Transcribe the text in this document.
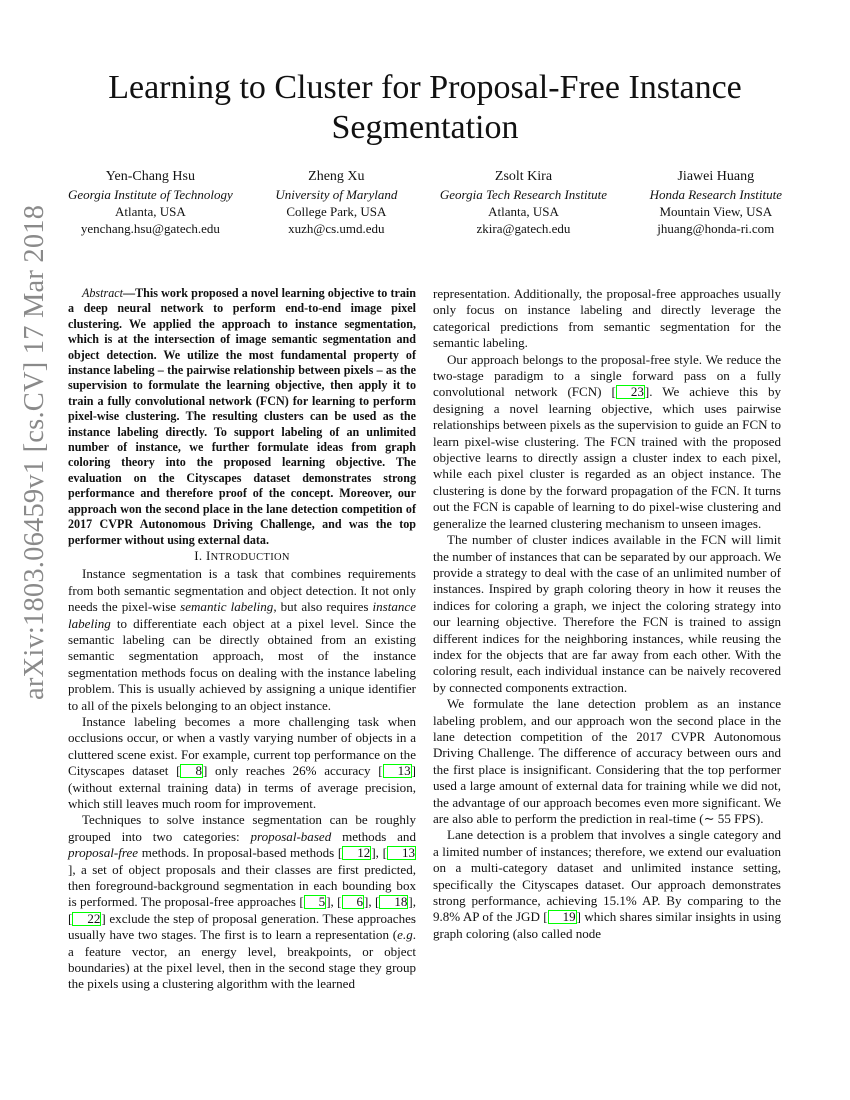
arXiv:1803.06459v1 [cs.CV] 17 Mar 2018
Learning to Cluster for Proposal-Free Instance Segmentation
Yen-Chang Hsu
Georgia Institute of Technology
Atlanta, USA
yenchang.hsu@gatech.edu
Zheng Xu
University of Maryland
College Park, USA
xuzh@cs.umd.edu
Zsolt Kira
Georgia Tech Research Institute
Atlanta, USA
zkira@gatech.edu
Jiawei Huang
Honda Research Institute
Mountain View, USA
jhuang@honda-ri.com

Abstract—This work proposed a novel learning objective to train a deep neural network to perform end-to-end image pixel clustering. We applied the approach to instance segmentation, which is at the intersection of image semantic segmentation and object detection. We utilize the most fundamental property of instance labeling – the pairwise relationship between pixels – as the supervision to formulate the learning objective, then apply it to train a fully convolutional network (FCN) for learning to perform pixel-wise clustering. The resulting clusters can be used as the instance labeling directly. To support labeling of an unlimited number of instance, we further formulate ideas from graph coloring theory into the proposed learning objective. The evaluation on the Cityscapes dataset demonstrates strong performance and therefore proof of the concept. Moreover, our approach won the second place in the lane detection competition of 2017 CVPR Autonomous Driving Challenge, and was the top performer without using external data.

I. INTRODUCTION

Instance segmentation is a task that combines requirements from both semantic segmentation and object detection. It not only needs the pixel-wise semantic labeling, but also requires instance labeling to differentiate each object at a pixel level. Since the semantic labeling can be directly obtained from an existing semantic segmentation approach, most of the instance segmentation methods focus on dealing with the instance labeling problem. This is usually achieved by assigning a unique identifier to all of the pixels belonging to an object instance.

Instance labeling becomes a more challenging task when occlusions occur, or when a vastly varying number of objects in a cluttered scene exist. For example, current top performance on the Cityscapes dataset [ 8] only reaches 26% accuracy [ 13] (without external training data) in terms of average precision, which still leaves much room for improvement.

Techniques to solve instance segmentation can be roughly grouped into two categories: proposal-based methods and proposal-free methods. In proposal-based methods [ 12], [ 13], a set of object proposals and their classes are first predicted, then foreground-background segmentation in each bounding box is performed. The proposal-free approaches [ 5], [ 6], [ 18], [ 22] exclude the step of proposal generation. These approaches usually have two stages. The first is to learn a representation (e.g. a feature vector, an energy level, breakpoints, or object boundaries) at the pixel level, then in the second stage they group the pixels using a clustering algorithm with the learned

representation. Additionally, the proposal-free approaches usually only focus on instance labeling and directly leverage the categorical predictions from semantic segmentation for the semantic labeling.

Our approach belongs to the proposal-free style. We reduce the two-stage paradigm to a single forward pass on a fully convolutional network (FCN) [ 23]. We achieve this by designing a novel learning objective, which uses pairwise relationships between pixels as the supervision to guide an FCN to learn pixel-wise clustering. The FCN trained with the proposed objective learns to directly assign a cluster index to each pixel, while each pixel cluster is regarded as an object instance. The clustering is done by the forward propagation of the FCN. It turns out the FCN is capable of learning to do pixel-wise clustering and generalize the learned clustering mechanism to unseen images.

The number of cluster indices available in the FCN will limit the number of instances that can be separated by our approach. We provide a strategy to deal with the case of an unlimited number of instances. Inspired by graph coloring theory in how it reuses the indices for coloring a graph, we inject the coloring strategy into our learning objective. Therefore the FCN is trained to assign different indices for the neighboring instances, while reusing the index for the objects that are far away from each other. With the coloring result, each individual instance can be naively recovered by connected components extraction.

We formulate the lane detection problem as an instance labeling problem, and our approach won the second place in the lane detection competition of the 2017 CVPR Autonomous Driving Challenge. The difference of accuracy between ours and the first place is insignificant. Considering that the top performer used a large amount of external data for training while we did not, the advantage of our approach becomes even more significant. We are also able to perform the prediction in real-time (∼ 55 FPS).

Lane detection is a problem that involves a single category and a limited number of instances; therefore, we extend our evaluation on a multi-category dataset and unlimited instance setting, specifically the Cityscapes dataset. Our approach demonstrates strong performance, achieving 15.1% AP. By comparing to the 9.8% AP of the JGD [ 19] which shares similar insights in using graph coloring (also called node
